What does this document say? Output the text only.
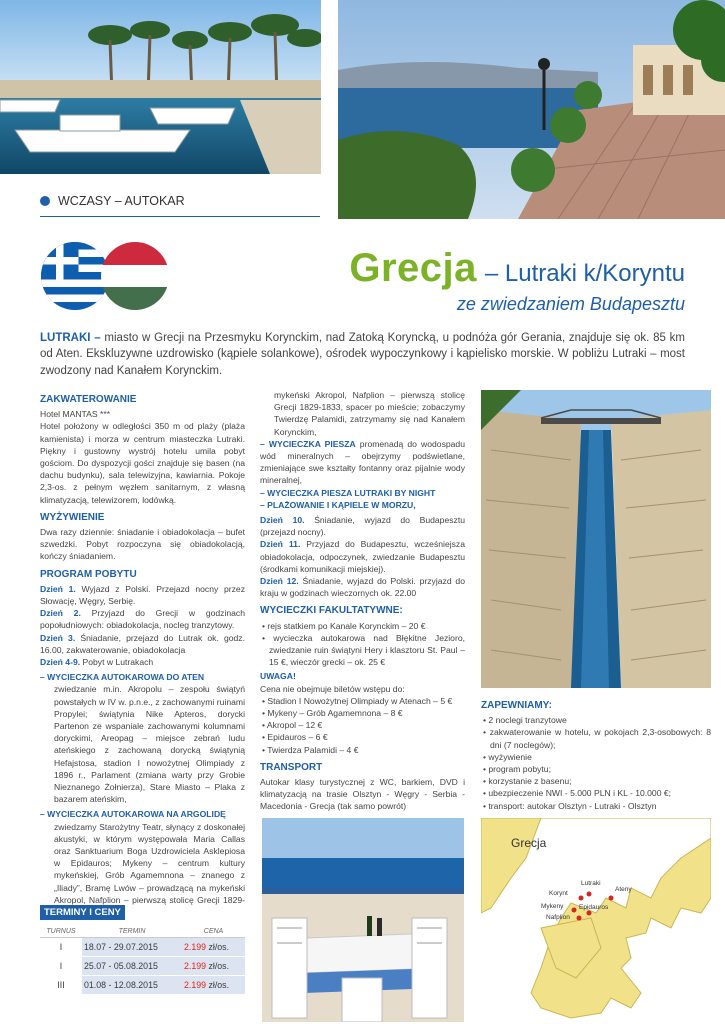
Grecja
Lutraki
Korynt
Ateny
Mykeny Epidauros
Nafplion
WCZASY – AUTOKAR
Grecja – Lutraki k/Koryntu
ze zwiedzaniem Budapesztu
LUTRAKI – miasto w Grecji na Przesmyku Korynckim, nad Zatoką Koryncką, u podnóża gór Gerania, znajduje się ok. 85 km od Aten. Ekskluzywne uzdrowisko (kąpiele solankowe), ośrodek wypoczynkowy i kąpielisko morskie. W pobliżu Lutraki – most zwodzony nad Kanałem Korynckim.
ZAKWATEROWANIE

Hotel MANTAS ***

Hotel położony w odległości 350 m od plaży (plaża kamienista) i morza w centrum miasteczka Lutraki. Piękny i gustowny wystrój hotelu umila pobyt gościom. Do dyspozycji gości znajduje się basen (na dachu budynku), sala telewizyjna, kawiarnia. Pokoje 2,3-os. z pełnym węzłem sanitarnym, z własną klimatyzacją, telewizorem, lodówką.

WYŻYWIENIE

Dwa razy dziennie: śniadanie i obiadokolacja – bufet szwedzki. Pobyt rozpoczyna się obiadokolacją, kończy śniadaniem.

PROGRAM POBYTU

Dzień 1. Wyjazd z Polski. Przejazd nocny przez Słowację, Węgry, Serbię.

Dzień 2. Przyjazd do Grecji w godzinach popołudniowych: obiadokolacja, nocleg tranzytowy.

Dzień 3. Śniadanie, przejazd do Lutrak ok. godz. 16.00, zakwaterowanie, obiadokolacja

Dzień 4-9. Pobyt w Lutrakach

– WYCIECZKA AUTOKAROWA DO ATEN

zwiedzanie m.in. Akropolu – zespołu świątyń powstałych w IV w. p.n.e., z zachowanymi ruinami Propylei; świątynia Nike Apteros, dorycki Partenon ze wspaniale zachowanymi kolumnami doryckimi, Areopag – miejsce zebrań ludu ateńskiego z zachowaną dorycką świątynią Hefajstosa, stadion I nowożytnej Olimpiady z 1896 r., Parlament (zmiana warty przy Grobie Nieznanego Żołnierza), Stare Miasto – Plaka z bazarem ateńskim,

– WYCIECZKA AUTOKAROWA NA ARGOLIDĘ

zwiedzamy Starożytny Teatr, słynący z doskonałej akustyki, w którym występowała Maria Callas oraz Sanktuarium Boga Uzdrowiciela Asklepiosa w Epidauros; Mykeny – centrum kultury mykeńskiej, Grób Agamemnona – znanego z „Iliady”, Bramę Lwów – prowadzącą na mykeński Akropol, Nafplion – pierwszą stolicę Grecji 1829-

mykeński Akropol, Nafplion – pierwszą stolicę Grecji 1829-1833, spacer po mieście; zobaczymy Twierdzę Palamidi, zatrzymamy się nad Kanałem Korynckim,

– WYCIECZKA PIESZA promenadą do wodospadu wód mineralnych – obejrzymy podświetlane, zmieniające swe kształty fontanny oraz pijalnie wody mineralnej,

– WYCIECZKA PIESZA LUTRAKI BY NIGHT

– PLAŻOWANIE I KĄPIELE W MORZU,

Dzień 10. Śniadanie, wyjazd do Budapesztu (przejazd nocny).

Dzień 11. Przyjazd do Budapesztu, wcześniejsza obiadokolacja, odpoczynek, zwiedzanie Budapesztu (środkami komunikacji miejskiej).

Dzień 12. Śniadanie, wyjazd do Polski. przyjazd do kraju w godzinach wieczornych ok. 22.00

WYCIECZKI FAKULTATYWNE:

• rejs statkiem po Kanale Korynckim – 20 €

• wycieczka autokarowa nad Błękitne Jezioro, zwiedzanie ruin świątyni Hery i klasztoru St. Paul – 15 €, wieczór grecki – ok. 25 €

UWAGA!

Cena nie obejmuje biletów wstępu do:

• Stadion I Nowożytnej Olimpiady w Atenach – 5 €

• Mykeny – Grób Agamemnona – 8 €

• Akropol – 12 €

• Epidauros – 6 €

• Twierdza Palamidi – 4 €

TRANSPORT

Autokar klasy turystycznej z WC, barkiem, DVD i klimatyzacją na trasie Olsztyn - Węgry - Serbia - Macedonia - Grecja (tak samo powrót)

ZAPEWNIAMY:

• 2 noclegi tranzytowe

• zakwaterowanie w hotelu, w pokojach 2,3-osobowych: 8 dni (7 noclegów);

• wyżywienie

• program pobytu;

• korzystanie z basenu;

• ubezpieczenie NWI - 5.000 PLN i KL - 10.000 €;

• transport: autokar Olsztyn - Lutraki - Olsztyn

TERMINY I CENY
TURNUS	TERMIN	CENA
I	18.07 - 29.07.2015	2.199 zł/os.
I	25.07 - 05.08.2015	2.199 zł/os.
III	01.08 - 12.08.2015	2.199 zł/os.
